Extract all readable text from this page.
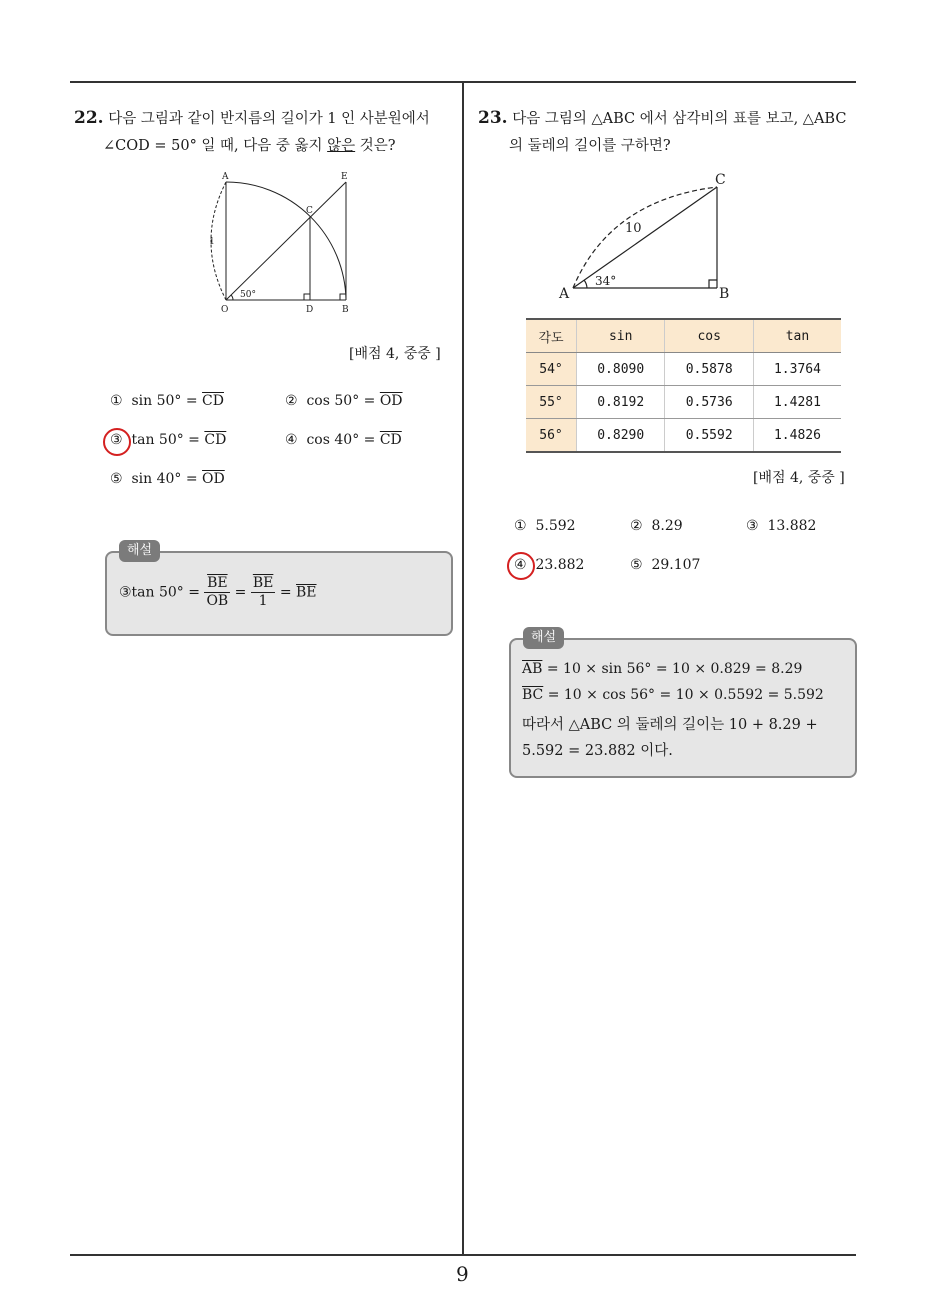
22. 다음 그림과 같이 반지름의 길이가 1 인 사분원에서
∠COD = 50° 일 때, 다음 중 옳지 않은 것은?
A	E
C
O	D	B
1
50°
[배점 4, 중중 ]
① $\sin 50^\circ = \overline{CD}$	② $\cos 50^\circ = \overline{OD}$
③ $\tan 50^\circ = \overline{CD}$	④ $\cos 40^\circ = \overline{CD}$
⑤ $\sin 40^\circ = \overline{OD}$
해설
③tan $50^\circ = \frac{\overline{BE}}{OB} = \frac{\overline{BE}}{1} = \overline{BE}$
23. 다음 그림의 △ABC 에서 삼각비의 표를 보고, △ABC
의 둘레의 길이를 구하면?
A	B
C
10
34°
각도	sin	cos	tan
54°	0.8090	0.5878	1.3764
55°	0.8192	0.5736	1.4281
56°	0.8290	0.5592	1.4826
[배점 4, 중중 ]
① 5.592	② 8.29	③ 13.882
④ 23.882	⑤ 29.107
해설
$\overline{AB} = 10 \times \sin 56^\circ = 10 \times 0.829 = 8.29$
$\overline{BC} = 10 \times \cos 56^\circ = 10 \times 0.5592 = 5.592$
따라서 △ABC 의 둘레의 길이는 10 + 8.29 +
5.592 = 23.882 이다.
9
